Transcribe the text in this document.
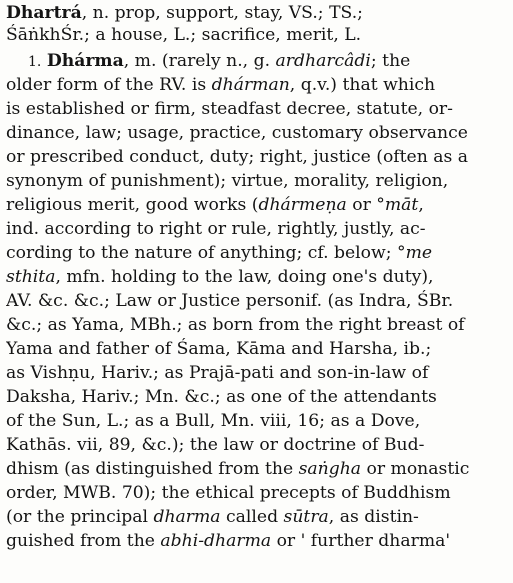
Dhartrá, n. prop, support, stay, VS.; TS.;
ŚāṅkhŚr.; a house, L.; sacrifice, merit, L.
1. Dhárma, m. (rarely n., g. ardharcâdi; the
older form of the RV. is dhárman, q.v.) that which
is established or firm, steadfast decree, statute, or-
dinance, law; usage, practice, customary observance
or prescribed conduct, duty; right, justice (often as a
synonym of punishment); virtue, morality, religion,
religious merit, good works (dhármeṇa or °māt,
ind. according to right or rule, rightly, justly, ac-
cording to the nature of anything; cf. below; °me
sthita, mfn. holding to the law, doing one's duty),
AV. &c. &c.; Law or Justice personif. (as Indra, ŚBr.
&c.; as Yama, MBh.; as born from the right breast of
Yama and father of Śama, Kāma and Harsha, ib.;
as Vishṇu, Hariv.; as Prajā-pati and son-in-law of
Daksha, Hariv.; Mn. &c.; as one of the attendants
of the Sun, L.; as a Bull, Mn. viii, 16; as a Dove,
Kathās. vii, 89, &c.); the law or doctrine of Bud-
dhism (as distinguished from the saṅgha or monastic
order, MWB. 70); the ethical precepts of Buddhism
(or the principal dharma called sūtra, as distin-
guished from the abhi-dharma or ' further dharma'
